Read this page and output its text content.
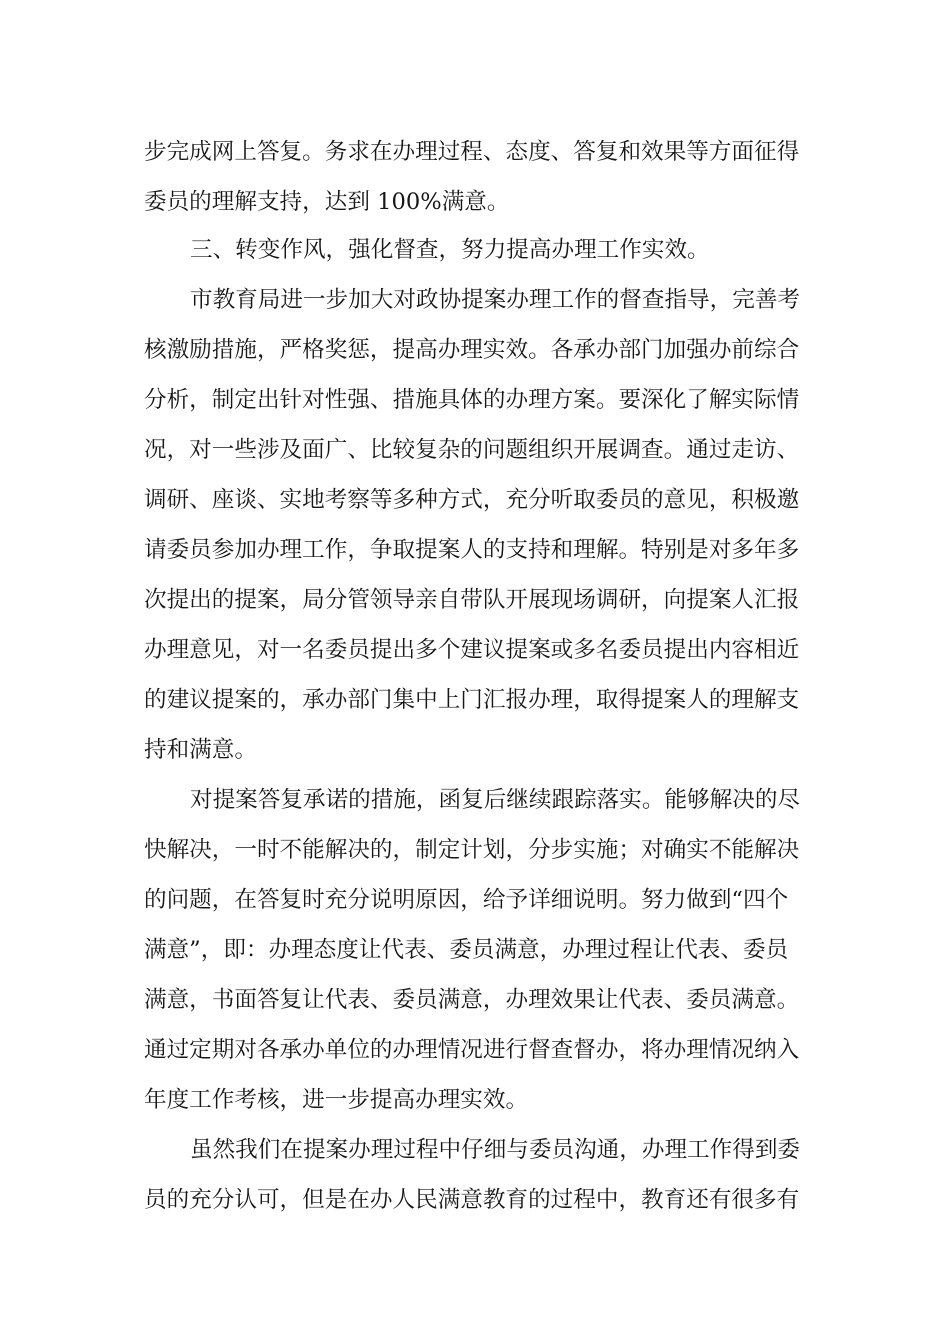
步完成网上答复。务求在办理过程、态度、答复和效果等方面征得
委员的理解支持，达到 100%满意。
三、转变作风，强化督查，努力提高办理工作实效。
市教育局进一步加大对政协提案办理工作的督查指导，完善考
核激励措施，严格奖惩，提高办理实效。各承办部门加强办前综合
分析，制定出针对性强、措施具体的办理方案。要深化了解实际情
况，对一些涉及面广、比较复杂的问题组织开展调查。通过走访、
调研、座谈、实地考察等多种方式，充分听取委员的意见，积极邀
请委员参加办理工作，争取提案人的支持和理解。特别是对多年多
次提出的提案，局分管领导亲自带队开展现场调研，向提案人汇报
办理意见，对一名委员提出多个建议提案或多名委员提出内容相近
的建议提案的，承办部门集中上门汇报办理，取得提案人的理解支
持和满意。
对提案答复承诺的措施，函复后继续跟踪落实。能够解决的尽
快解决，一时不能解决的，制定计划，分步实施；对确实不能解决
的问题，在答复时充分说明原因，给予详细说明。努力做到“四个
满意”，即：办理态度让代表、委员满意，办理过程让代表、委员
满意，书面答复让代表、委员满意，办理效果让代表、委员满意。
通过定期对各承办单位的办理情况进行督查督办，将办理情况纳入
年度工作考核，进一步提高办理实效。
虽然我们在提案办理过程中仔细与委员沟通，办理工作得到委
员的充分认可，但是在办人民满意教育的过程中，教育还有很多有
